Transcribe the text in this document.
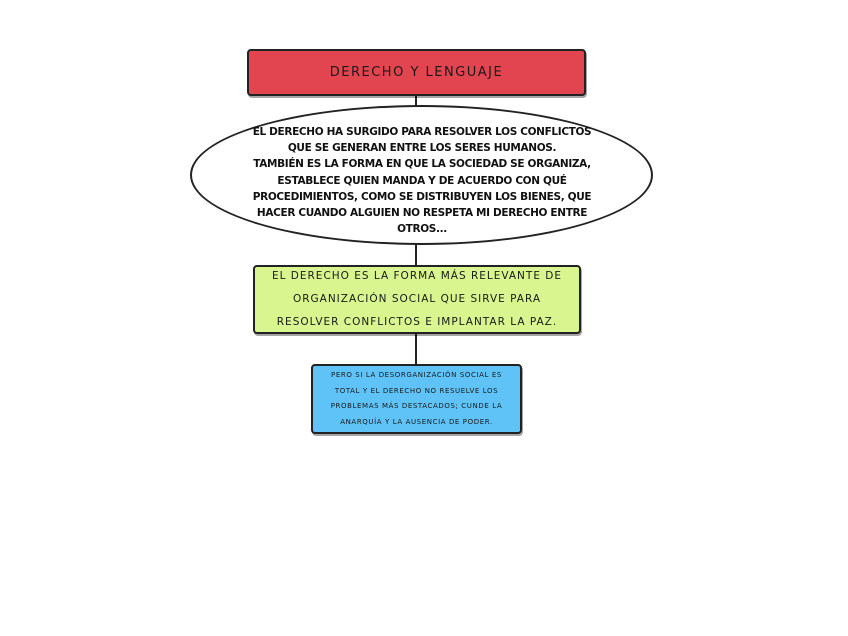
DERECHO Y LENGUAJE
EL DERECHO HA SURGIDO PARA RESOLVER LOS CONFLICTOS
QUE SE GENERAN ENTRE LOS SERES HUMANOS.
TAMBIÉN ES LA FORMA EN QUE LA SOCIEDAD SE ORGANIZA,
ESTABLECE QUIEN MANDA Y DE ACUERDO CON QUÉ
PROCEDIMIENTOS, COMO SE DISTRIBUYEN LOS BIENES, QUE
HACER CUANDO ALGUIEN NO RESPETA MI DERECHO ENTRE
OTROS...
EL DERECHO ES LA FORMA MÁS RELEVANTE DE
ORGANIZACIÓN SOCIAL QUE SIRVE PARA
RESOLVER CONFLICTOS E IMPLANTAR LA PAZ.
PERO SI LA DESORGANIZACIÓN SOCIAL ES
TOTAL Y EL DERECHO NO RESUELVE LOS
PROBLEMAS MÁS DESTACADOS; CUNDE LA
ANARQUÍA Y LA AUSENCIA DE PODER.
